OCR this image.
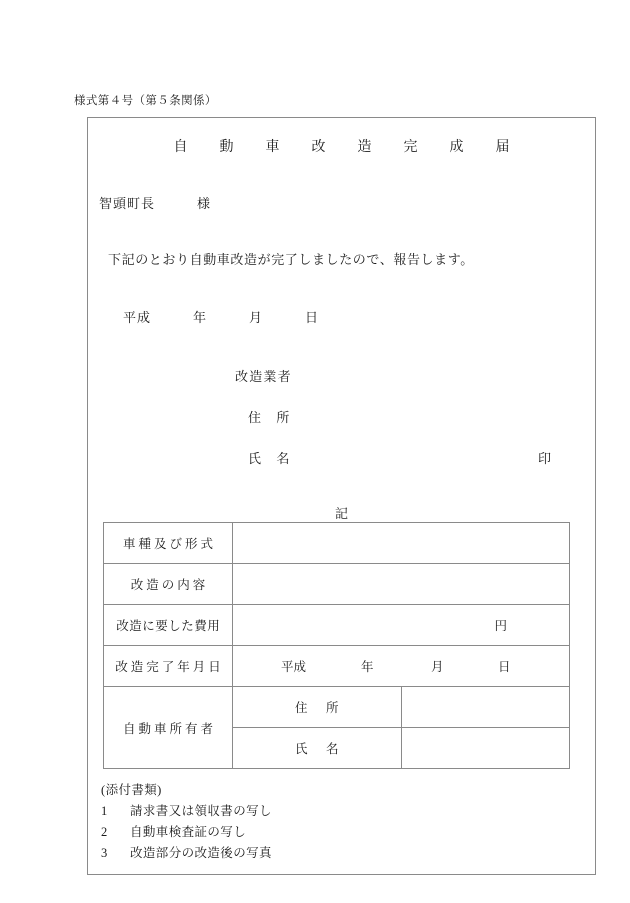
様式第４号（第５条関係）
自　動　車　改　造　完　成　届
智頭町長　　　様
下記のとおり自動車改造が完了しましたので、報告します。
平成　　　年　　　月　　　日
改造業者
住　所
氏　名	印
記
車種及び形式		
改造の内容		
改造に要した費用	円	

改造完了年月日	平成 年 月 日	

自動車所有者	住　所	
	氏　名	
(添付書類)
1	請求書又は領収書の写し
2	自動車検査証の写し
3	改造部分の改造後の写真
